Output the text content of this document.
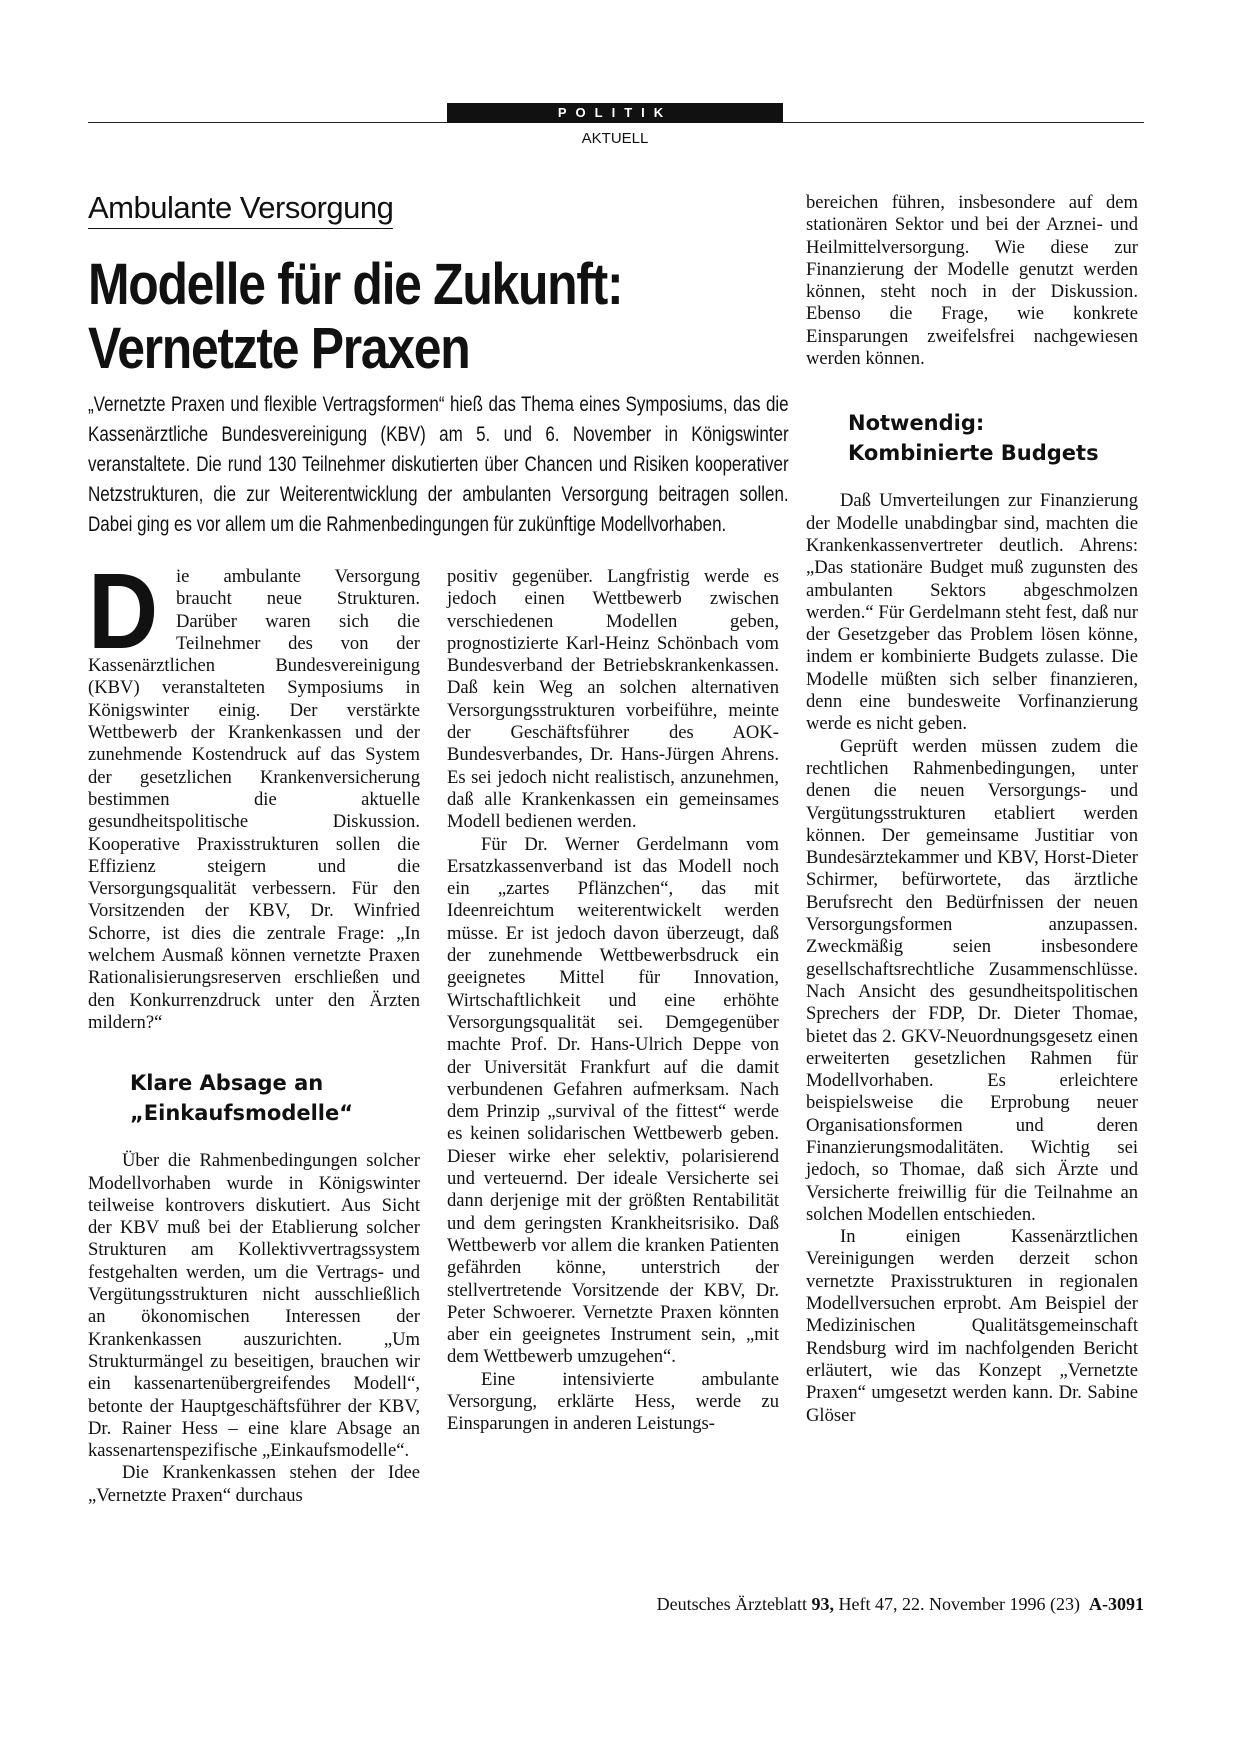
POLITIK
AKTUELL
Ambulante Versorgung
Modelle für die Zukunft:
Vernetzte Praxen

„Vernetzte Praxen und flexible Vertragsformen“ hieß das Thema eines Symposiums, das die Kassenärztliche Bundesvereinigung (KBV) am 5. und 6. November in Königswinter veranstaltete. Die rund 130 Teilnehmer diskutierten über Chancen und Risiken kooperativer Netzstrukturen, die zur Weiterentwicklung der ambulanten Versorgung beitragen sollen. Dabei ging es vor allem um die Rahmenbedingungen für zukünftige Modellvorhaben.

Die ambulante Versorgung braucht neue Strukturen. Darüber waren sich die Teilnehmer des von der Kassenärztlichen Bundesvereinigung (KBV) veranstalteten Symposiums in Königswinter einig. Der verstärkte Wettbewerb der Krankenkassen und der zunehmende Kostendruck auf das System der gesetzlichen Krankenversicherung bestimmen die aktuelle gesundheitspolitische Diskussion. Kooperative Praxisstrukturen sollen die Effizienz steigern und die Versorgungsqualität verbessern. Für den Vorsitzenden der KBV, Dr. Winfried Schorre, ist dies die zentrale Frage: „In welchem Ausmaß können vernetzte Praxen Rationalisierungsreserven erschließen und den Konkurrenzdruck unter den Ärzten mildern?“

Klare Absage an
„Einkaufsmodelle“

Über die Rahmenbedingungen solcher Modellvorhaben wurde in Königswinter teilweise kontrovers diskutiert. Aus Sicht der KBV muß bei der Etablierung solcher Strukturen am Kollektivvertragssystem festgehalten werden, um die Vertrags- und Vergütungsstrukturen nicht ausschließlich an ökonomischen Interessen der Krankenkassen auszurichten. „Um Strukturmängel zu beseitigen, brauchen wir ein kassenartenübergreifendes Modell“, betonte der Hauptgeschäftsführer der KBV, Dr. Rainer Hess – eine klare Absage an kassenartenspezifische „Einkaufsmodelle“.

Die Krankenkassen stehen der Idee „Vernetzte Praxen“ durchaus

positiv gegenüber. Langfristig werde es jedoch einen Wettbewerb zwischen verschiedenen Modellen geben, prognostizierte Karl-Heinz Schönbach vom Bundesverband der Betriebskrankenkassen. Daß kein Weg an solchen alternativen Versorgungsstrukturen vorbeiführe, meinte der Geschäftsführer des AOK-Bundesverbandes, Dr. Hans-Jürgen Ahrens. Es sei jedoch nicht realistisch, anzunehmen, daß alle Krankenkassen ein gemeinsames Modell bedienen werden.

Für Dr. Werner Gerdelmann vom Ersatzkassenverband ist das Modell noch ein „zartes Pflänzchen“, das mit Ideenreichtum weiterentwickelt werden müsse. Er ist jedoch davon überzeugt, daß der zunehmende Wettbewerbsdruck ein geeignetes Mittel für Innovation, Wirtschaftlichkeit und eine erhöhte Versorgungsqualität sei. Demgegenüber machte Prof. Dr. Hans-Ulrich Deppe von der Universität Frankfurt auf die damit verbundenen Gefahren aufmerksam. Nach dem Prinzip „survival of the fittest“ werde es keinen solidarischen Wettbewerb geben. Dieser wirke eher selektiv, polarisierend und verteuernd. Der ideale Versicherte sei dann derjenige mit der größten Rentabilität und dem geringsten Krankheitsrisiko. Daß Wettbewerb vor allem die kranken Patienten gefährden könne, unterstrich der stellvertretende Vorsitzende der KBV, Dr. Peter Schwoerer. Vernetzte Praxen könnten aber ein geeignetes Instrument sein, „mit dem Wettbewerb umzugehen“.

Eine intensivierte ambulante Versorgung, erklärte Hess, werde zu Einsparungen in anderen Leistungs-

bereichen führen, insbesondere auf dem stationären Sektor und bei der Arznei- und Heilmittelversorgung. Wie diese zur Finanzierung der Modelle genutzt werden können, steht noch in der Diskussion. Ebenso die Frage, wie konkrete Einsparungen zweifelsfrei nachgewiesen werden können.

Notwendig:
Kombinierte Budgets

Daß Umverteilungen zur Finanzierung der Modelle unabdingbar sind, machten die Krankenkassenvertreter deutlich. Ahrens: „Das stationäre Budget muß zugunsten des ambulanten Sektors abgeschmolzen werden.“ Für Gerdelmann steht fest, daß nur der Gesetzgeber das Problem lösen könne, indem er kombinierte Budgets zulasse. Die Modelle müßten sich selber finanzieren, denn eine bundesweite Vorfinanzierung werde es nicht geben.

Geprüft werden müssen zudem die rechtlichen Rahmenbedingungen, unter denen die neuen Versorgungs- und Vergütungsstrukturen etabliert werden können. Der gemeinsame Justitiar von Bundesärztekammer und KBV, Horst-Dieter Schirmer, befürwortete, das ärztliche Berufsrecht den Bedürfnissen der neuen Versorgungsformen anzupassen. Zweckmäßig seien insbesondere gesellschaftsrechtliche Zusammenschlüsse. Nach Ansicht des gesundheitspolitischen Sprechers der FDP, Dr. Dieter Thomae, bietet das 2. GKV-Neuordnungsgesetz einen erweiterten gesetzlichen Rahmen für Modellvorhaben. Es erleichtere beispielsweise die Erprobung neuer Organisationsformen und deren Finanzierungsmodalitäten. Wichtig sei jedoch, so Thomae, daß sich Ärzte und Versicherte freiwillig für die Teilnahme an solchen Modellen entschieden.

In einigen Kassenärztlichen Vereinigungen werden derzeit schon vernetzte Praxisstrukturen in regionalen Modellversuchen erprobt. Am Beispiel der Medizinischen Qualitätsgemeinschaft Rendsburg wird im nachfolgenden Bericht erläutert, wie das Konzept „Vernetzte Praxen“ umgesetzt werden kann. Dr. Sabine Glöser

Deutsches Ärzteblatt 93, Heft 47, 22. November 1996 (23) A-3091
